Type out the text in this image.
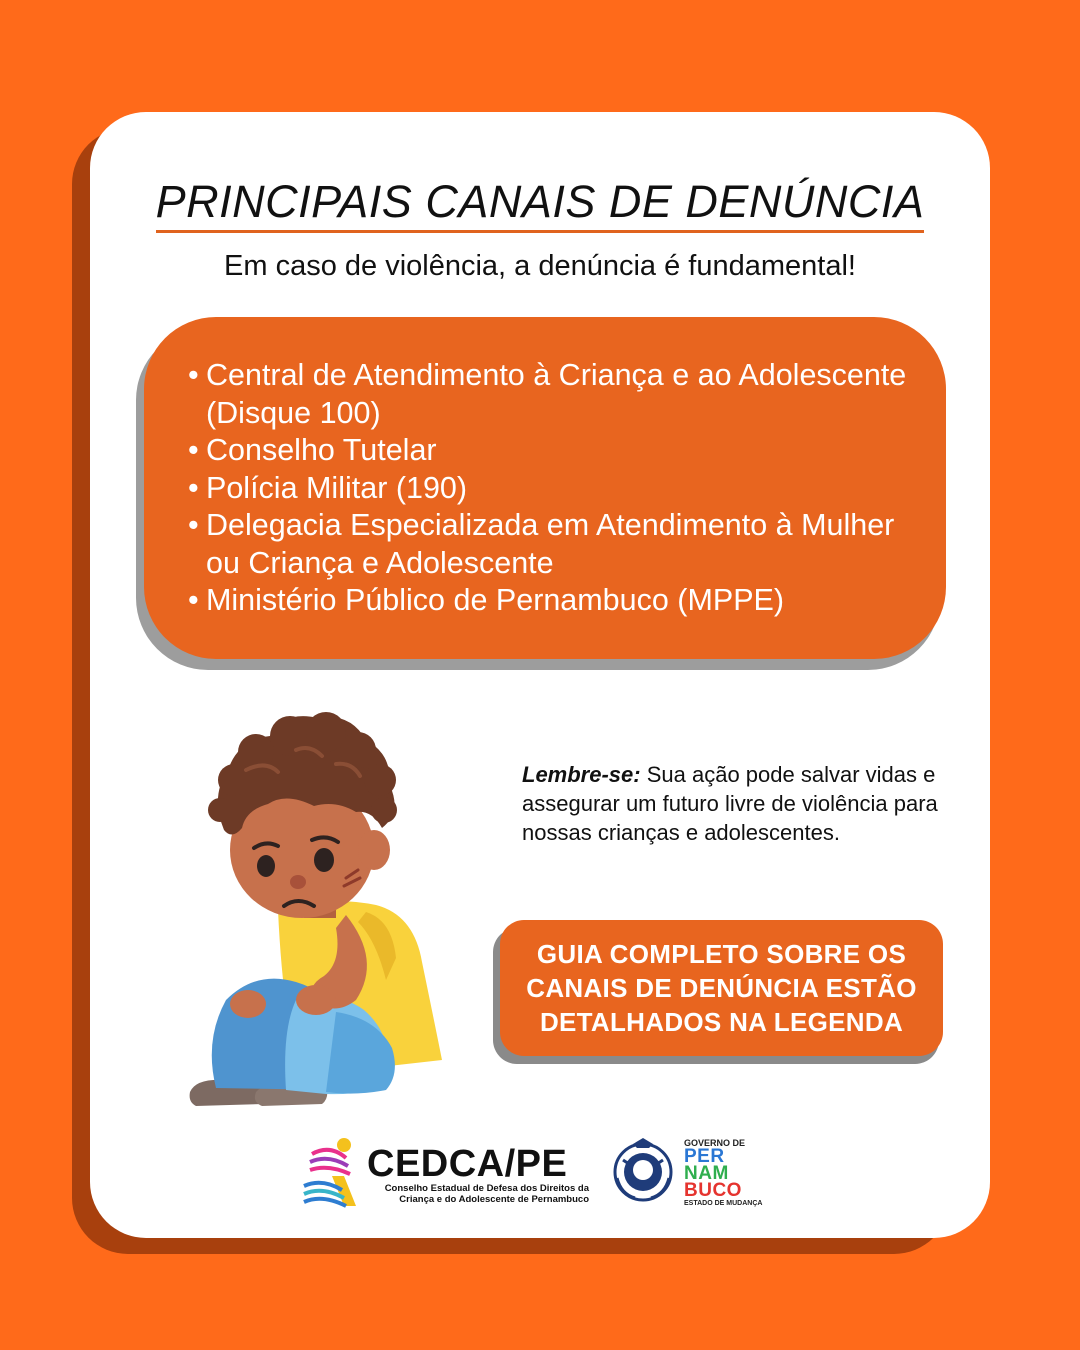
PRINCIPAIS CANAIS DE DENÚNCIA
Em caso de violência, a denúncia é fundamental!
• Central de Atendimento à Criança e ao Adolescente (Disque 100)
• Conselho Tutelar
• Polícia Militar (190)
• Delegacia Especializada em Atendimento à Mulher ou Criança e Adolescente
• Ministério Público de Pernambuco (MPPE)
Lembre-se: Sua ação pode salvar vidas e assegurar um futuro livre de violência para nossas crianças e adolescentes.
GUIA COMPLETO SOBRE OS CANAIS DE DENÚNCIA ESTÃO DETALHADOS NA LEGENDA
CEDCA/PE
Conselho Estadual de Defesa dos Direitos da Criança e do Adolescente de Pernambuco
GOVERNO DE
PER
NAM
BUCO
ESTADO DE MUDANÇA
